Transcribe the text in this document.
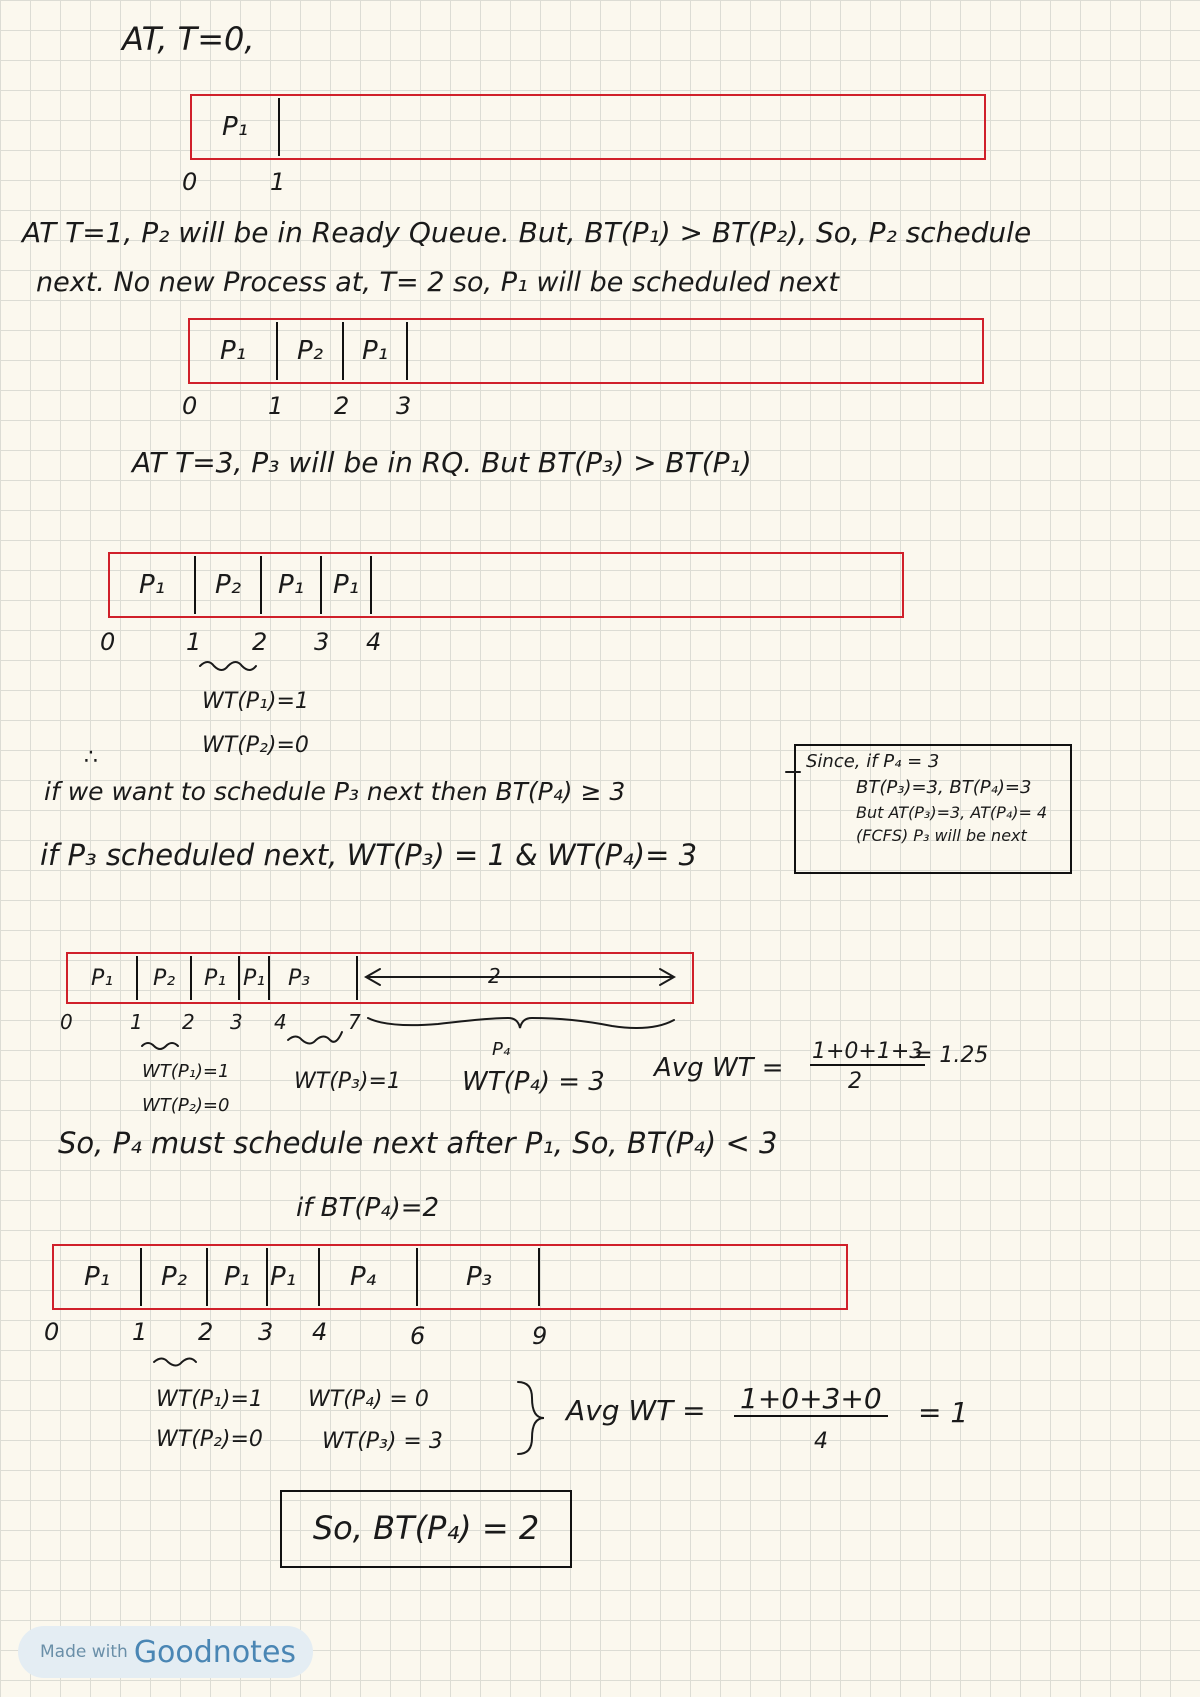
AT, T=0,
P₁
0	1
AT T=1, P₂ will be in Ready Queue. But, BT(P₁) > BT(P₂), So, P₂ schedule
next. No new Process at, T= 2 so, P₁ will be scheduled next
P₁	P₂	P₁
0	1 2 3
AT T=3, P₃ will be in RQ. But BT(P₃) > BT(P₁)
P₁	P₂	P₁	P₁
0	1 2 3 4
WT(P₁)=1
WT(P₂)=0
∴
if we want to schedule P₃ next then BT(P₄) ≥ 3
if P₃ scheduled next, WT(P₃) = 1 & WT(P₄)= 3
Since, if P₄ = 3
BT(P₃)=3, BT(P₄)=3
But AT(P₃)=3, AT(P₄)= 4
(FCFS) P₃ will be next
P₁	P₂	P₁ P₁	P₃	2
0	1 2 3 4	7
WT(P₁)=1
WT(P₂)=0
WT(P₃)=1
P₄
WT(P₄) = 3 Avg WT =
1+0+1+3
2
= 1.25
So, P₄ must schedule next after P₁, So, BT(P₄) < 3
if BT(P₄)=2
P₁	P₂	P₁ P₁	P₄	P₃
0	1 2 3 4	6	9
WT(P₁)=1
WT(P₂)=0
WT(P₄) = 0
WT(P₃) = 3
Avg WT = 1+0+3+0
4
= 1
So, BT(P₄) = 2
Made with Goodnotes
